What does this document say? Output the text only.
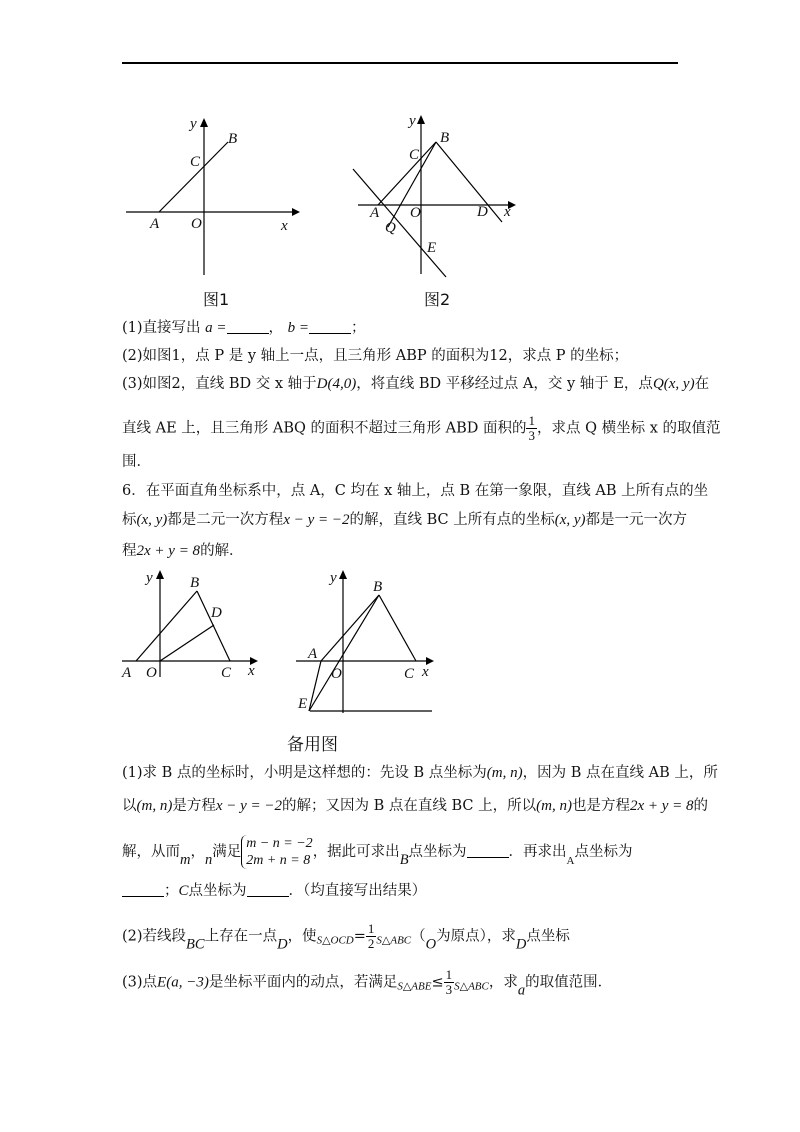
y
B
C
A O	x
图1
y
B
C
A O	D x
Q
E
图2
(1)直接写出 a =	， b =	；
(2)如图1，点 P 是 y 轴上一点，且三角形 ABP 的面积为12，求点 P 的坐标；
(3)如图2，直线 BD 交 x 轴于D(4,0)，将直线 BD 平移经过点 A，交 y 轴于 E，点Q(x, y)在
直线 AE 上，且三角形 ABQ 的面积不超过三角形 ABD 面积的 $\frac{1}{3}$，求点 Q 横坐标 x 的取值范
围．
6．在平面直角坐标系中，点 A，C 均在 x 轴上，点 B 在第一象限，直线 AB 上所有点的坐
标(x, y)都是二元一次方程x − y = −2的解，直线 BC 上所有点的坐标(x, y)都是一元一次方
程2x + y = 8的解．
y B
D
A O	C x
y
B
A
O	C x
E
备用图
(1)求 B 点的坐标时，小明是这样想的：先设 B 点坐标为(m, n)，因为 B 点在直线 AB 上，所
以(m, n)是方程x − y = −2的解；又因为 B 点在直线 BC 上，所以(m, n)也是方程2x + y = 8的
解，从而m，n满足
m − n = −2
2m + n = 8
，据此可求出B点坐标为	．再求出$_A$点坐标为
；C点坐标为	．（均直接写出结果）
(2)若线段BC上存在一点D，使$_{S\triangle OCD}= \frac{1}{2}_{S\triangle ABC}(O$为原点），求D点坐标
(3)点E(a, −3)是坐标平面内的动点，若满足$_{S\triangle ABE}\le \frac{1}{3}_{S\triangle ABC}$，求a的取值范围．
